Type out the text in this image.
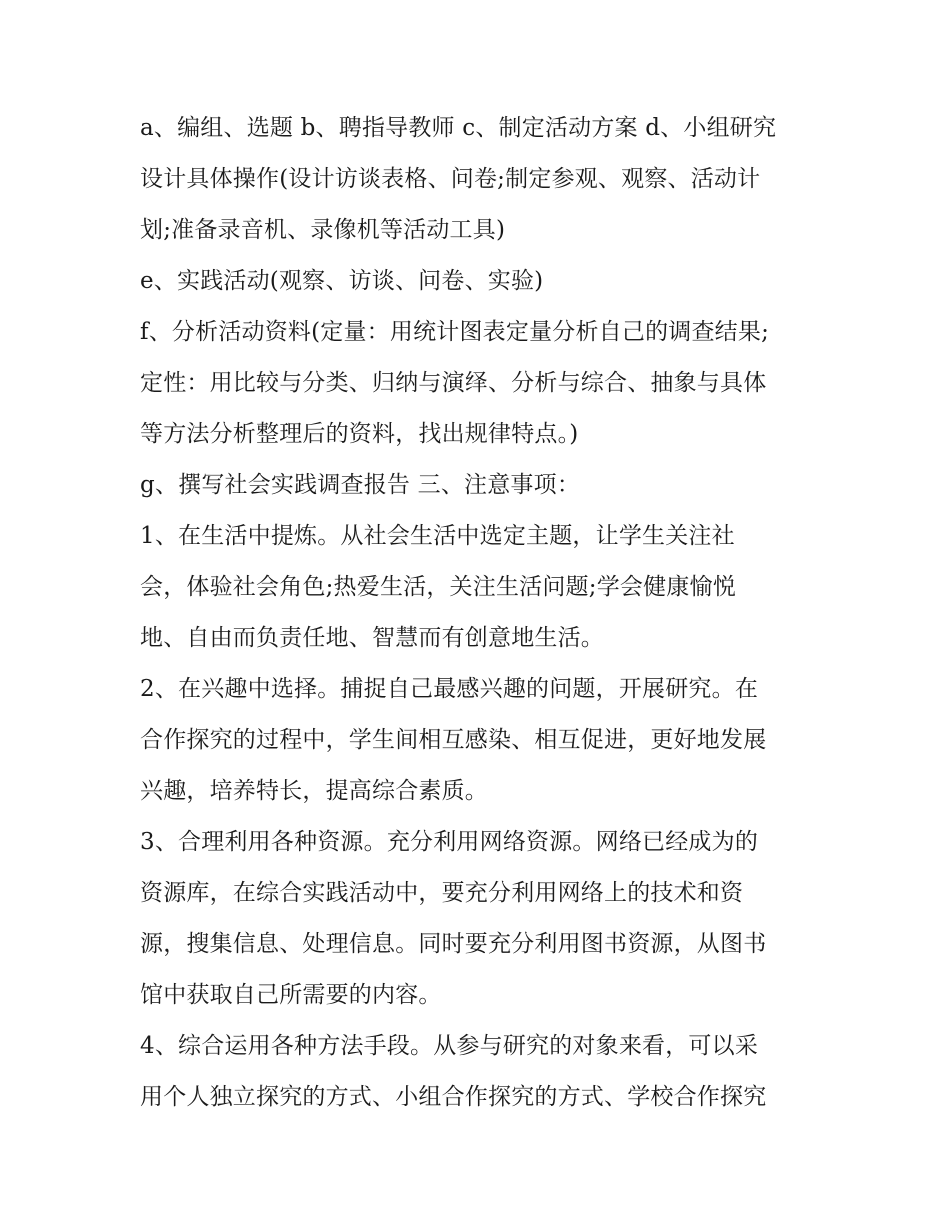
a、编组、选题 b、聘指导教师 c、制定活动方案 d、小组研究
设计具体操作(设计访谈表格、问卷;制定参观、观察、活动计
划;准备录音机、录像机等活动工具)
e、实践活动(观察、访谈、问卷、实验)
f、分析活动资料(定量：用统计图表定量分析自己的调查结果;
定性：用比较与分类、归纳与演绎、分析与综合、抽象与具体
等方法分析整理后的资料，找出规律特点。)
g、撰写社会实践调查报告 三、注意事项：
1、在生活中提炼。从社会生活中选定主题，让学生关注社
会，体验社会角色;热爱生活，关注生活问题;学会健康愉悦
地、自由而负责任地、智慧而有创意地生活。
2、在兴趣中选择。捕捉自己最感兴趣的问题，开展研究。在
合作探究的过程中，学生间相互感染、相互促进，更好地发展
兴趣，培养特长，提高综合素质。
3、合理利用各种资源。充分利用网络资源。网络已经成为的
资源库，在综合实践活动中，要充分利用网络上的技术和资
源，搜集信息、处理信息。同时要充分利用图书资源，从图书
馆中获取自己所需要的内容。
4、综合运用各种方法手段。从参与研究的对象来看，可以采
用个人独立探究的方式、小组合作探究的方式、学校合作探究
